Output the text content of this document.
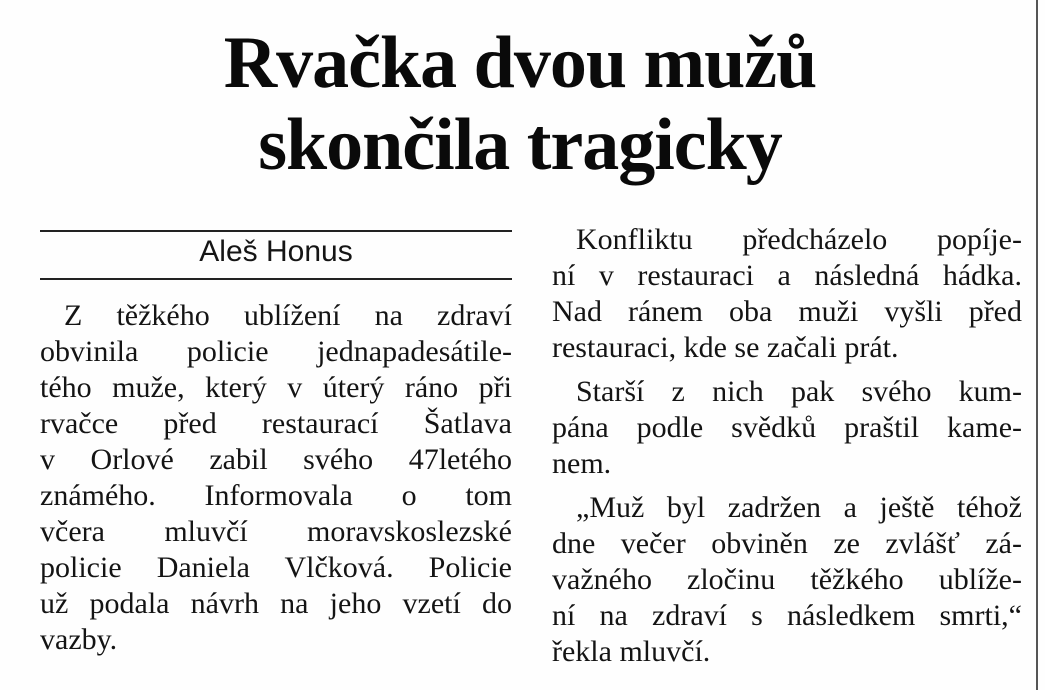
Rvačka dvou mužů
skončila tragicky
Aleš Honus
Z těžkého ublížení na zdraví
obvinila policie jednapadesátile-
tého muže, který v úterý ráno při
rvačce před restaurací Šatlava
v Orlové zabil svého 47letého
známého. Informovala o tom
včera mluvčí moravskoslezské
policie Daniela Vlčková. Policie
už podala návrh na jeho vzetí do
vazby.
Konfliktu předcházelo popíje-
ní v restauraci a následná hádka.
Nad ránem oba muži vyšli před
restauraci, kde se začali prát.
Starší z nich pak svého kum-
pána podle svědků praštil kame-
nem.
„Muž byl zadržen a ještě téhož
dne večer obviněn ze zvlášť zá-
važného zločinu těžkého ublíže-
ní na zdraví s následkem smrti,“
řekla mluvčí.
